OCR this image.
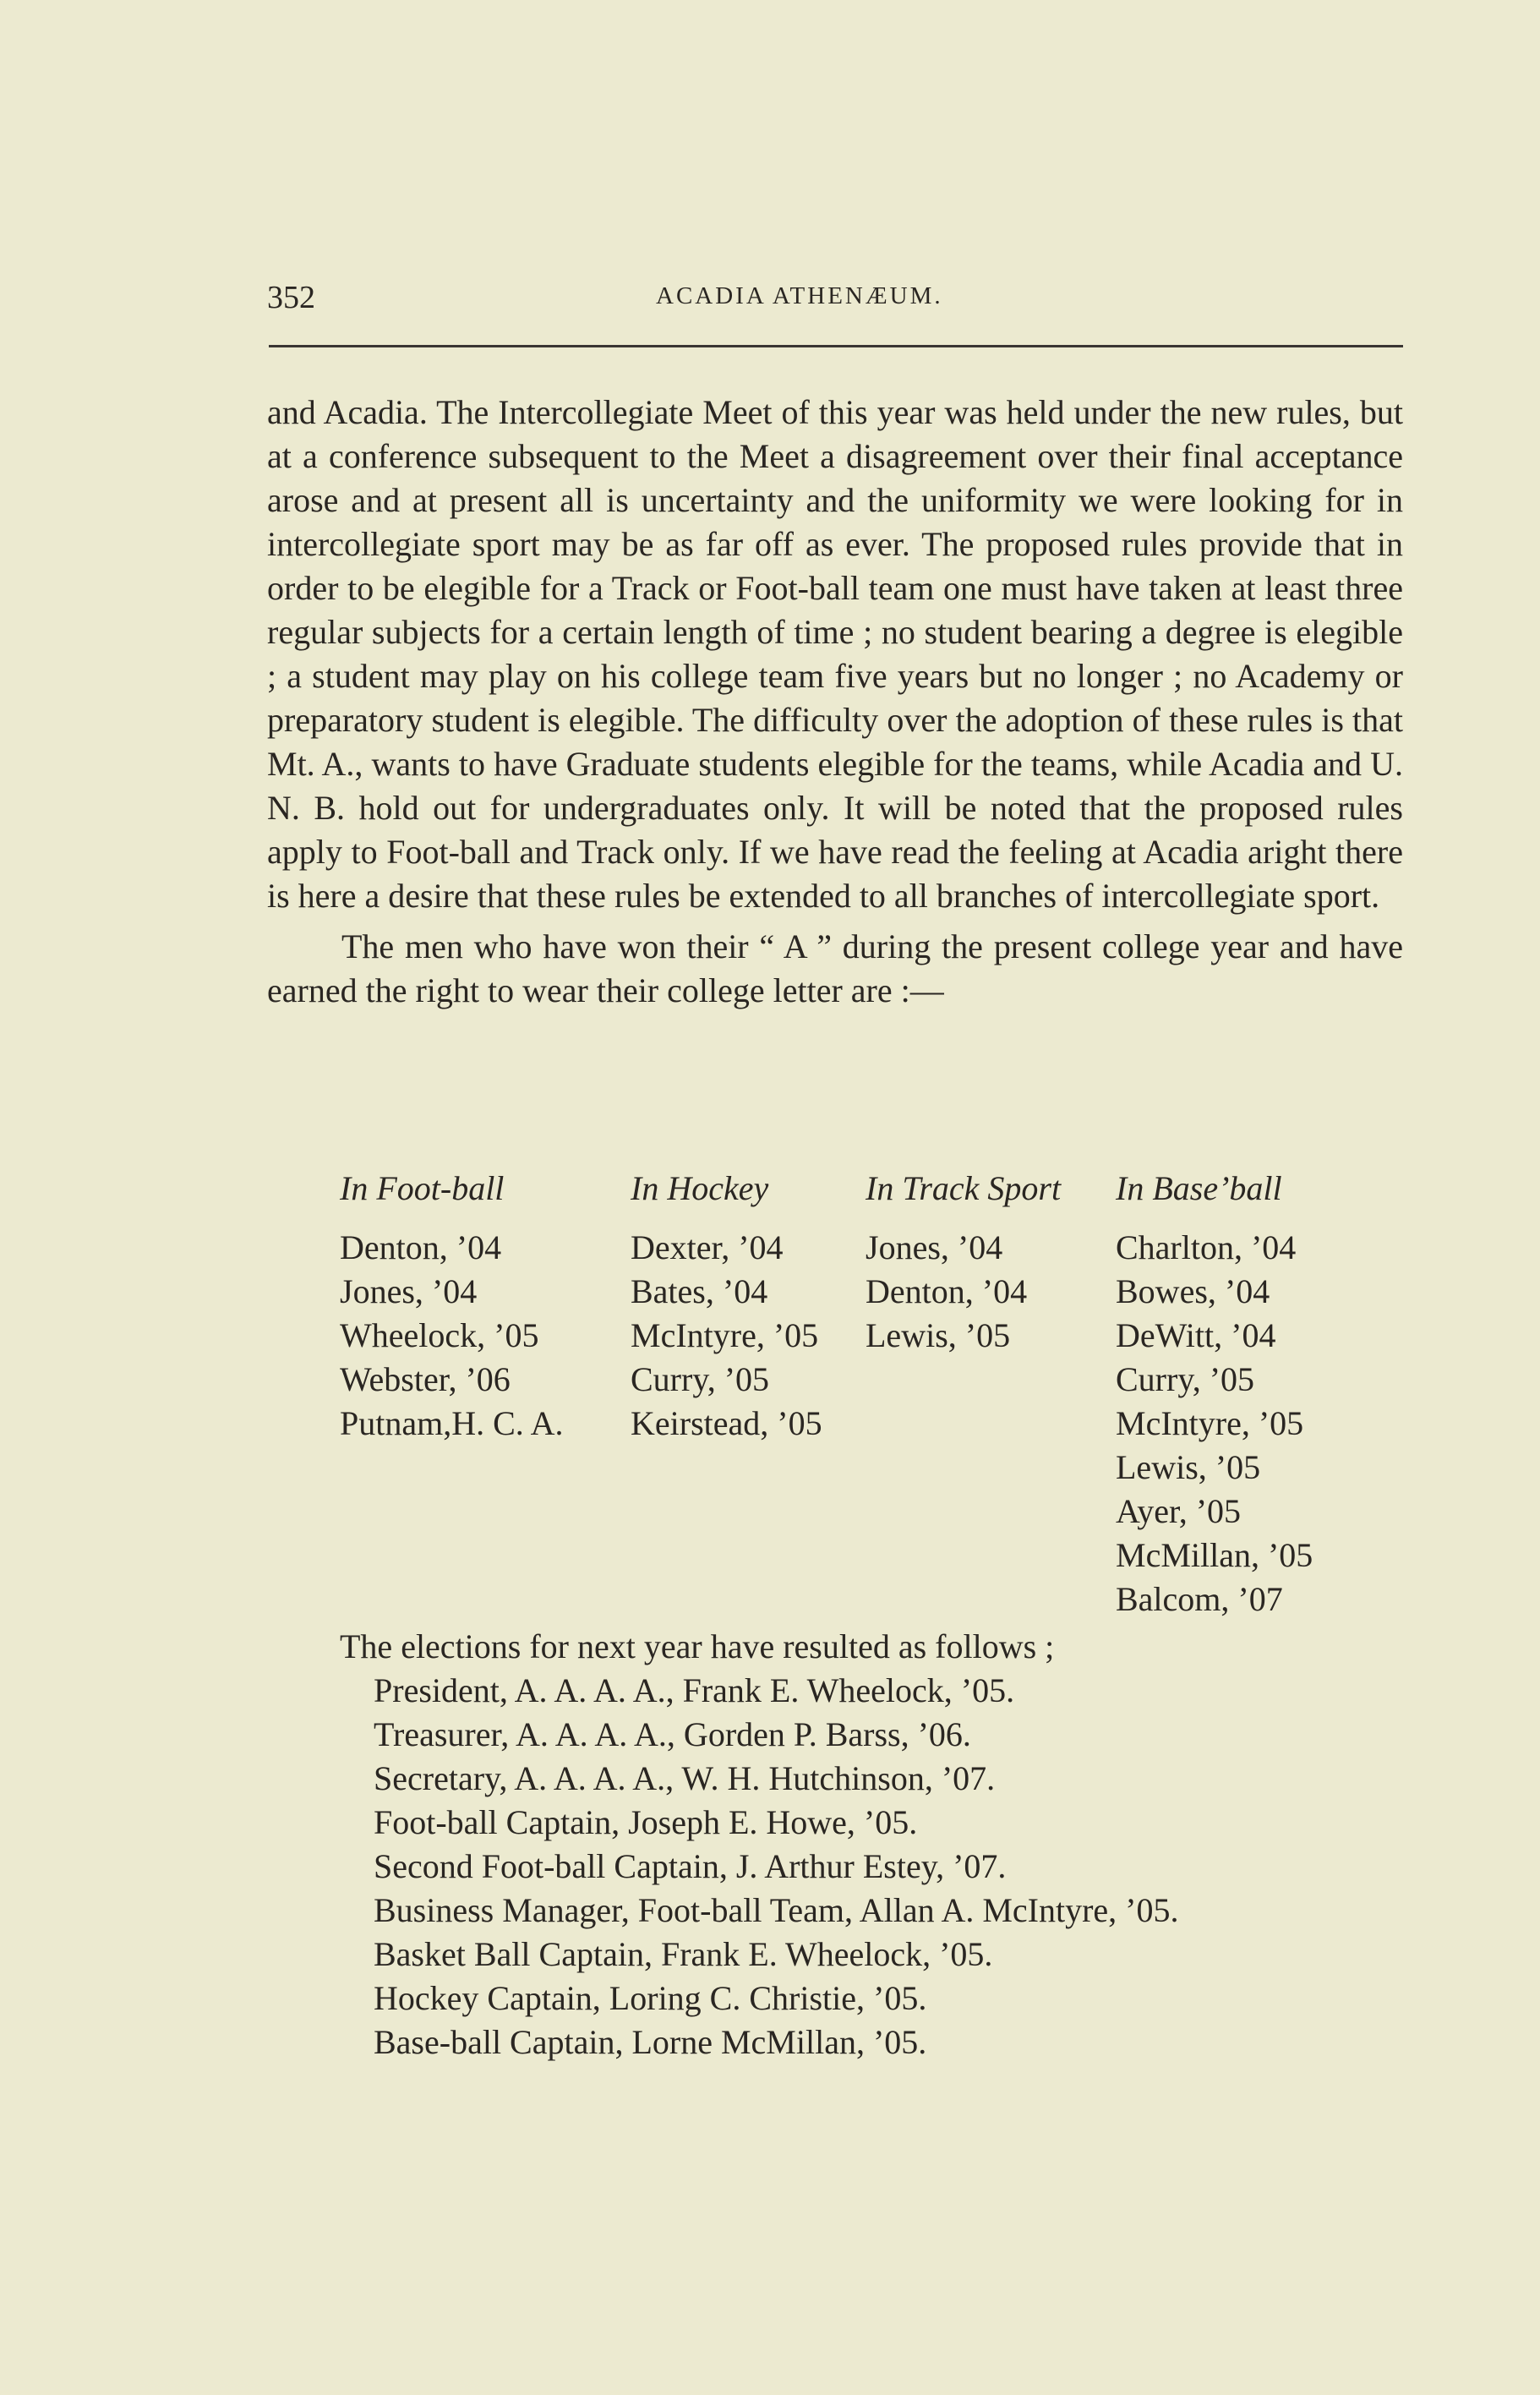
352	ACADIA ATHENÆUM.

and Acadia. The Intercollegiate Meet of this year was held under the new rules, but at a conference subsequent to the Meet a disagreement over their final acceptance arose and at present all is uncertainty and the uniformity we were looking for in intercollegiate sport may be as far off as ever. The proposed rules provide that in order to be elegible for a Track or Foot-ball team one must have taken at least three regular subjects for a certain length of time ; no student bearing a degree is elegible ; a student may play on his college team five years but no longer ; no Academy or preparatory student is elegible. The difficulty over the adoption of these rules is that Mt. A., wants to have Graduate students elegible for the teams, while Acadia and U. N. B. hold out for undergraduates only. It will be noted that the proposed rules apply to Foot-ball and Track only. If we have read the feeling at Acadia aright there is here a desire that these rules be extended to all branches of intercollegiate sport.

The men who have won their “ A ” during the present college year and have earned the right to wear their college letter are :—

In Foot-ball
Denton, ’04
Jones, ’04
Wheelock, ’05
Webster, ’06
Putnam,H. C. A.
In Hockey
Dexter, ’04
Bates, ’04
McIntyre, ’05
Curry, ’05
Keirstead, ’05
In Track Sport
Jones, ’04
Denton, ’04
Lewis, ’05
In Base’ball
Charlton, ’04
Bowes, ’04
DeWitt, ’04
Curry, ’05
McIntyre, ’05
Lewis, ’05
Ayer, ’05
McMillan, ’05
Balcom, ’07
The elections for next year have resulted as follows ;
President, A. A. A. A., Frank E. Wheelock, ’05.
Treasurer, A. A. A. A., Gorden P. Barss, ’06.
Secretary, A. A. A. A., W. H. Hutchinson, ’07.
Foot-ball Captain, Joseph E. Howe, ’05.
Second Foot-ball Captain, J. Arthur Estey, ’07.
Business Manager, Foot-ball Team, Allan A. McIntyre, ’05.
Basket Ball Captain, Frank E. Wheelock, ’05.
Hockey Captain, Loring C. Christie, ’05.
Base-ball Captain, Lorne McMillan, ’05.
